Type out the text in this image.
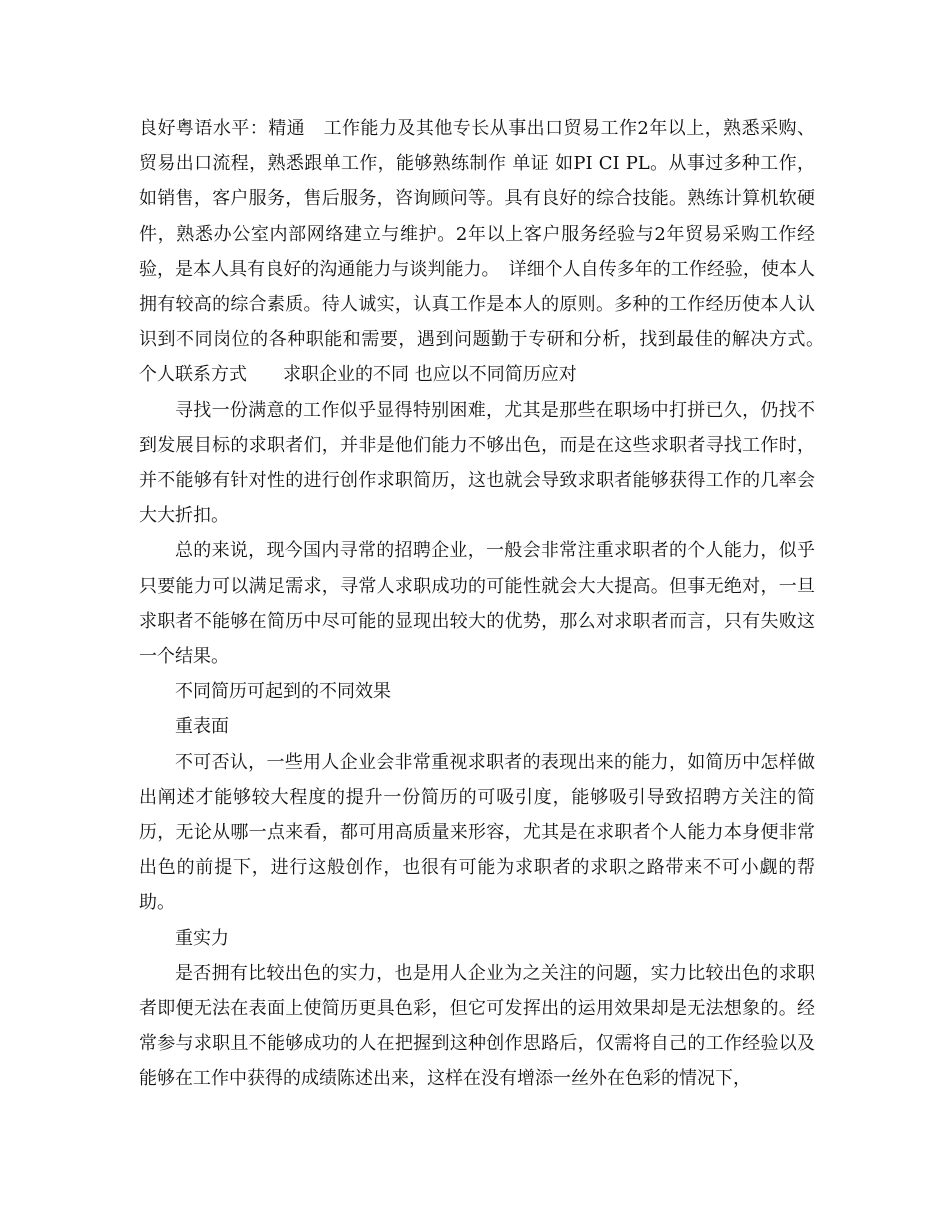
良好粤语水平：精通　工作能力及其他专长从事出口贸易工作2年以上，熟悉采购、贸易出口流程，熟悉跟单工作，能够熟练制作 单证 如PI CI PL。从事过多种工作，如销售，客户服务，售后服务，咨询顾问等。具有良好的综合技能。熟练计算机软硬件，熟悉办公室内部网络建立与维护。2年以上客户服务经验与2年贸易采购工作经验，是本人具有良好的沟通能力与谈判能力。　详细个人自传多年的工作经验，使本人拥有较高的综合素质。待人诚实，认真工作是本人的原则。多种的工作经历使本人认识到不同岗位的各种职能和需要，遇到问题勤于专研和分析，找到最佳的解决方式。　个人联系方式　　求职企业的不同 也应以不同简历应对

寻找一份满意的工作似乎显得特别困难，尤其是那些在职场中打拼已久，仍找不到发展目标的求职者们，并非是他们能力不够出色，而是在这些求职者寻找工作时，并不能够有针对性的进行创作求职简历，这也就会导致求职者能够获得工作的几率会大大折扣。

总的来说，现今国内寻常的招聘企业，一般会非常注重求职者的个人能力，似乎只要能力可以满足需求，寻常人求职成功的可能性就会大大提高。但事无绝对，一旦求职者不能够在简历中尽可能的显现出较大的优势，那么对求职者而言，只有失败这一个结果。

不同简历可起到的不同效果

重表面

不可否认，一些用人企业会非常重视求职者的表现出来的能力，如简历中怎样做出阐述才能够较大程度的提升一份简历的可吸引度，能够吸引导致招聘方关注的简历，无论从哪一点来看，都可用高质量来形容，尤其是在求职者个人能力本身便非常出色的前提下，进行这般创作，也很有可能为求职者的求职之路带来不可小觑的帮助。

重实力

是否拥有比较出色的实力，也是用人企业为之关注的问题，实力比较出色的求职者即便无法在表面上使简历更具色彩，但它可发挥出的运用效果却是无法想象的。经常参与求职且不能够成功的人在把握到这种创作思路后，仅需将自己的工作经验以及能够在工作中获得的成绩陈述出来，这样在没有增添一丝外在色彩的情况下，
